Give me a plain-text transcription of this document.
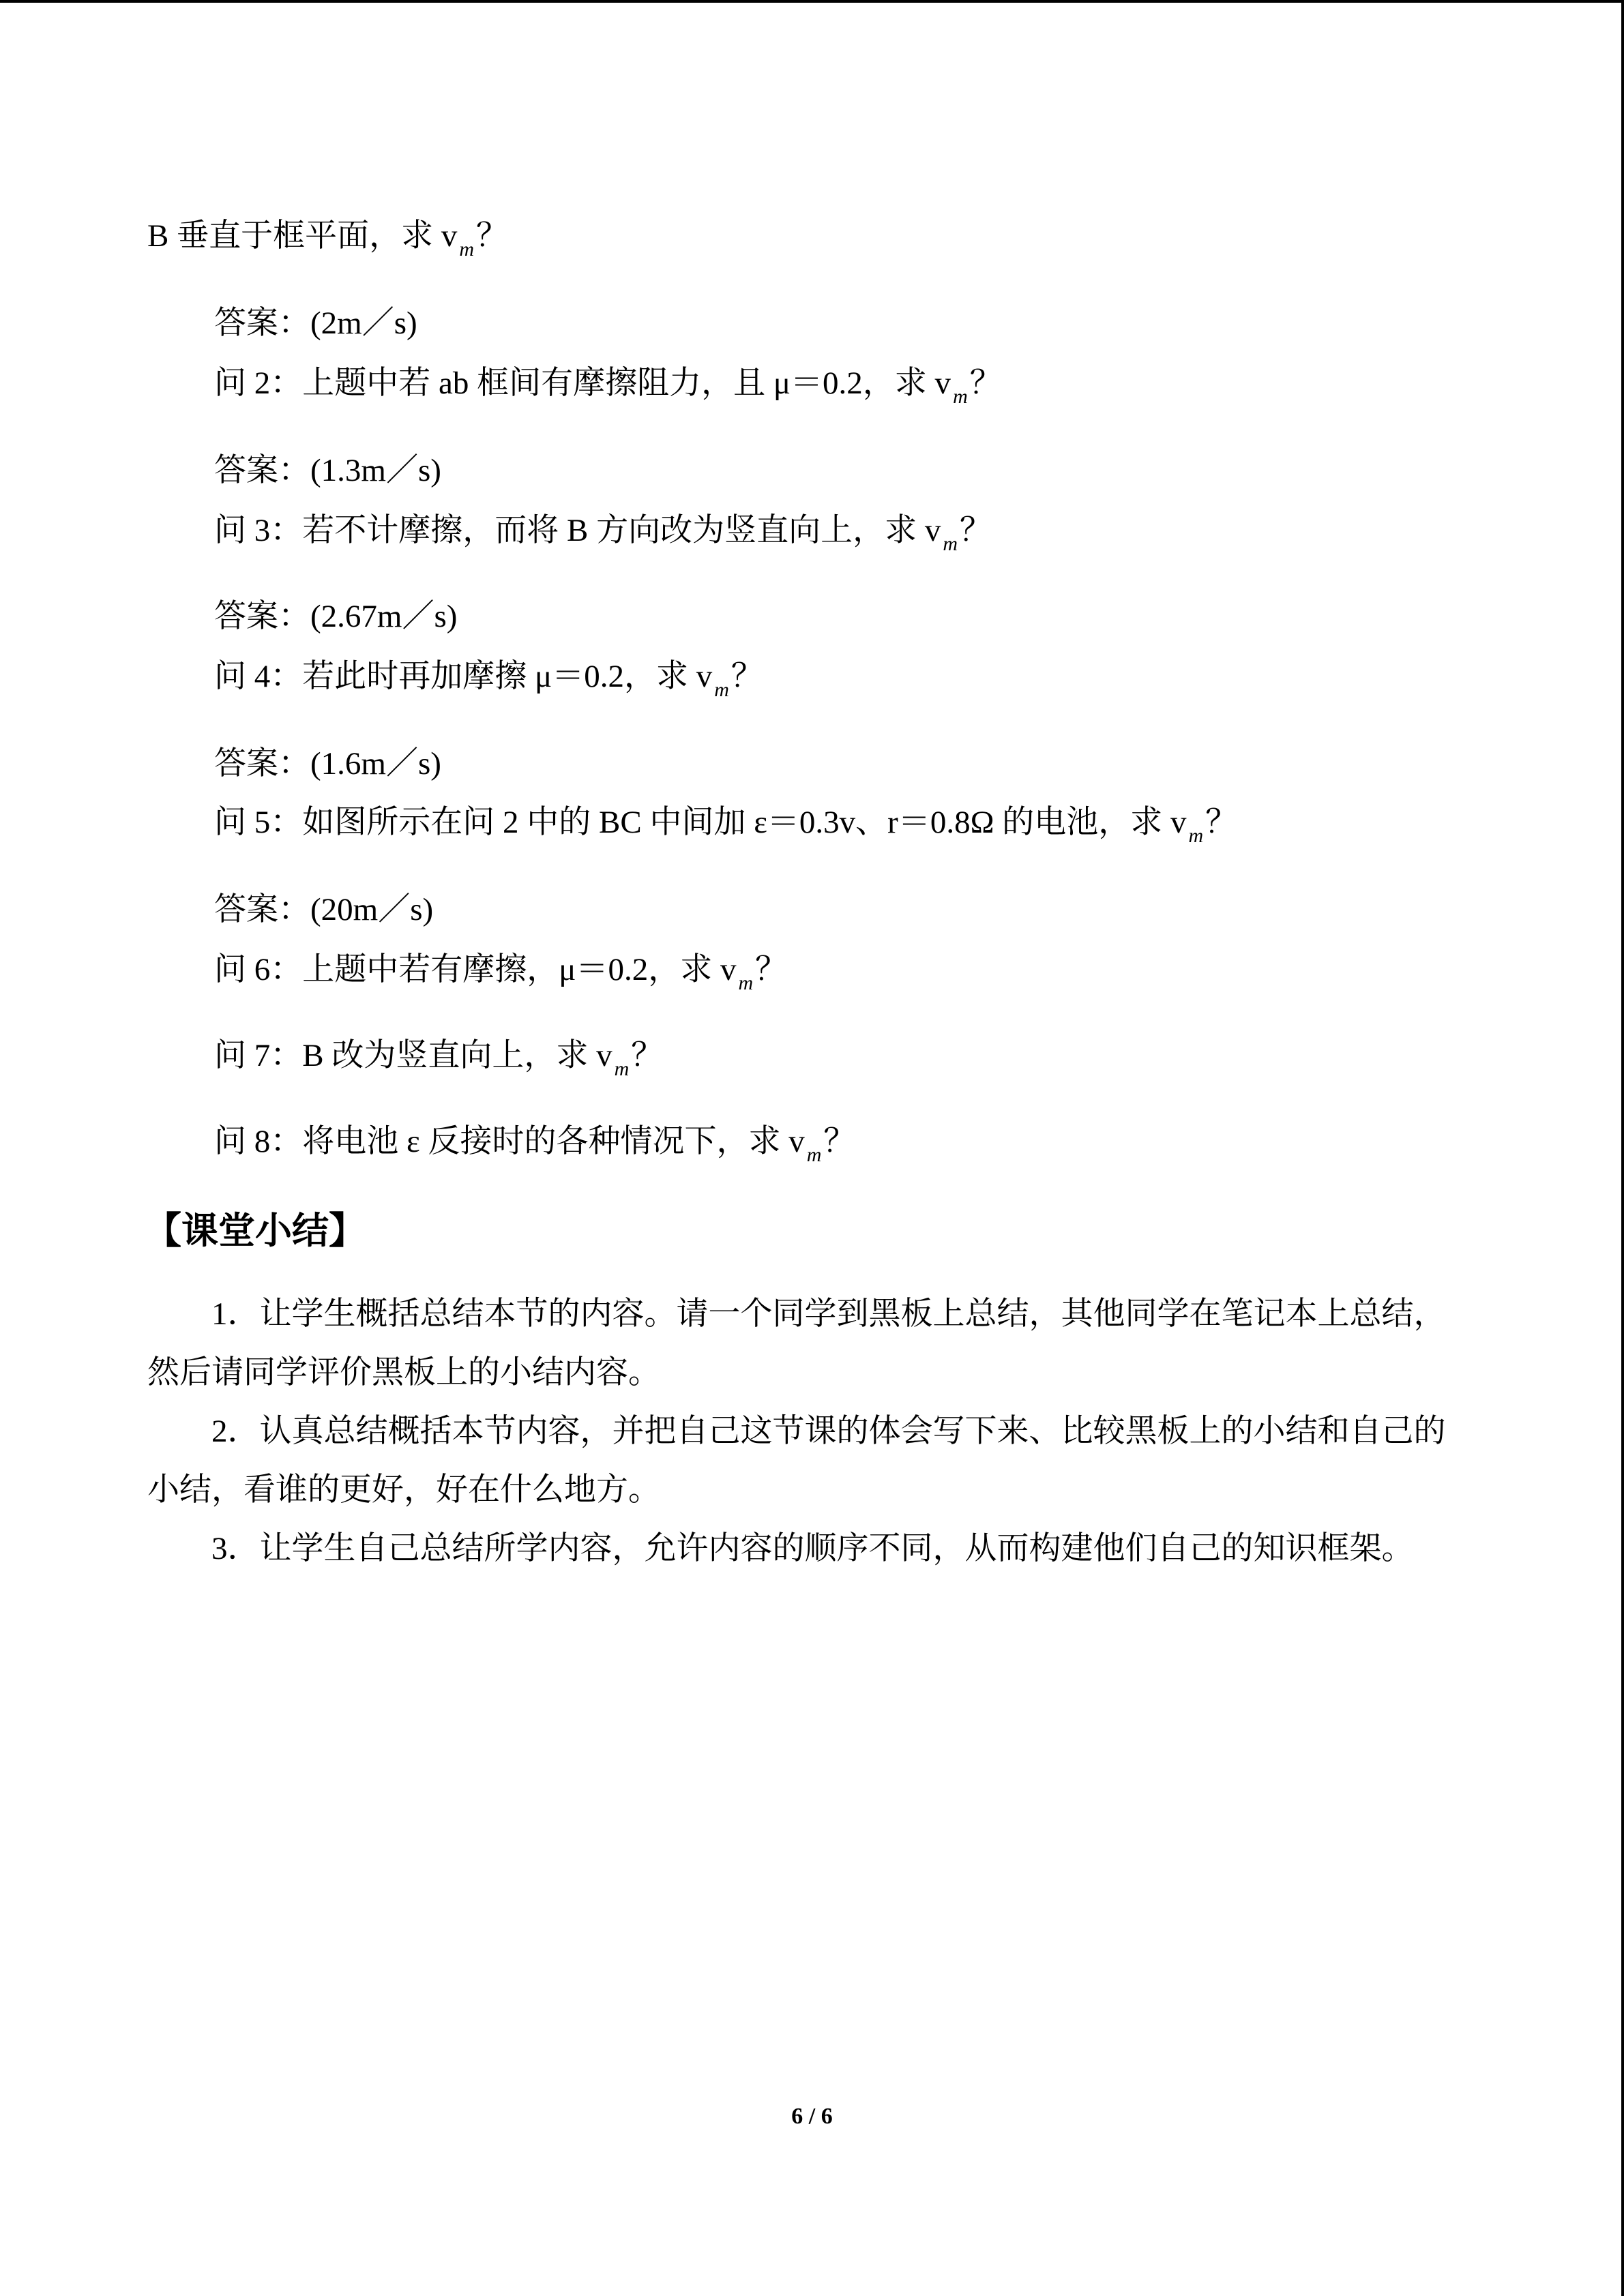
B 垂直于框平面，求 v $_m$？
答案：(2m／s)
问 2：上题中若 ab 框间有摩擦阻力，且 μ＝0.2，求 v $_m$？
答案：(1.3m／s)
问 3：若不计摩擦，而将 B 方向改为竖直向上，求 v $_m$？
答案：(2.67m／s)
问 4：若此时再加摩擦 μ＝0.2，求 v $_m$？
答案：(1.6m／s)
问 5：如图所示在问 2 中的 BC 中间加 ε＝0.3v、r＝0.8Ω 的电池，求 v $_m$？
答案：(20m／s)
问 6：上题中若有摩擦，μ＝0.2，求 v $_m$？
问 7：B 改为竖直向上，求 v $_m$？
问 8：将电池 ε 反接时的各种情况下，求 v $_m$？
【课堂小结】
1．让学生概括总结本节的内容。请一个同学到黑板上总结，其他同学在笔记本上总结，然后请同学评价黑板上的小结内容。
2．认真总结概括本节内容，并把自己这节课的体会写下来、比较黑板上的小结和自己的小结，看谁的更好，好在什么地方。
3．让学生自己总结所学内容，允许内容的顺序不同，从而构建他们自己的知识框架。
6 / 6
